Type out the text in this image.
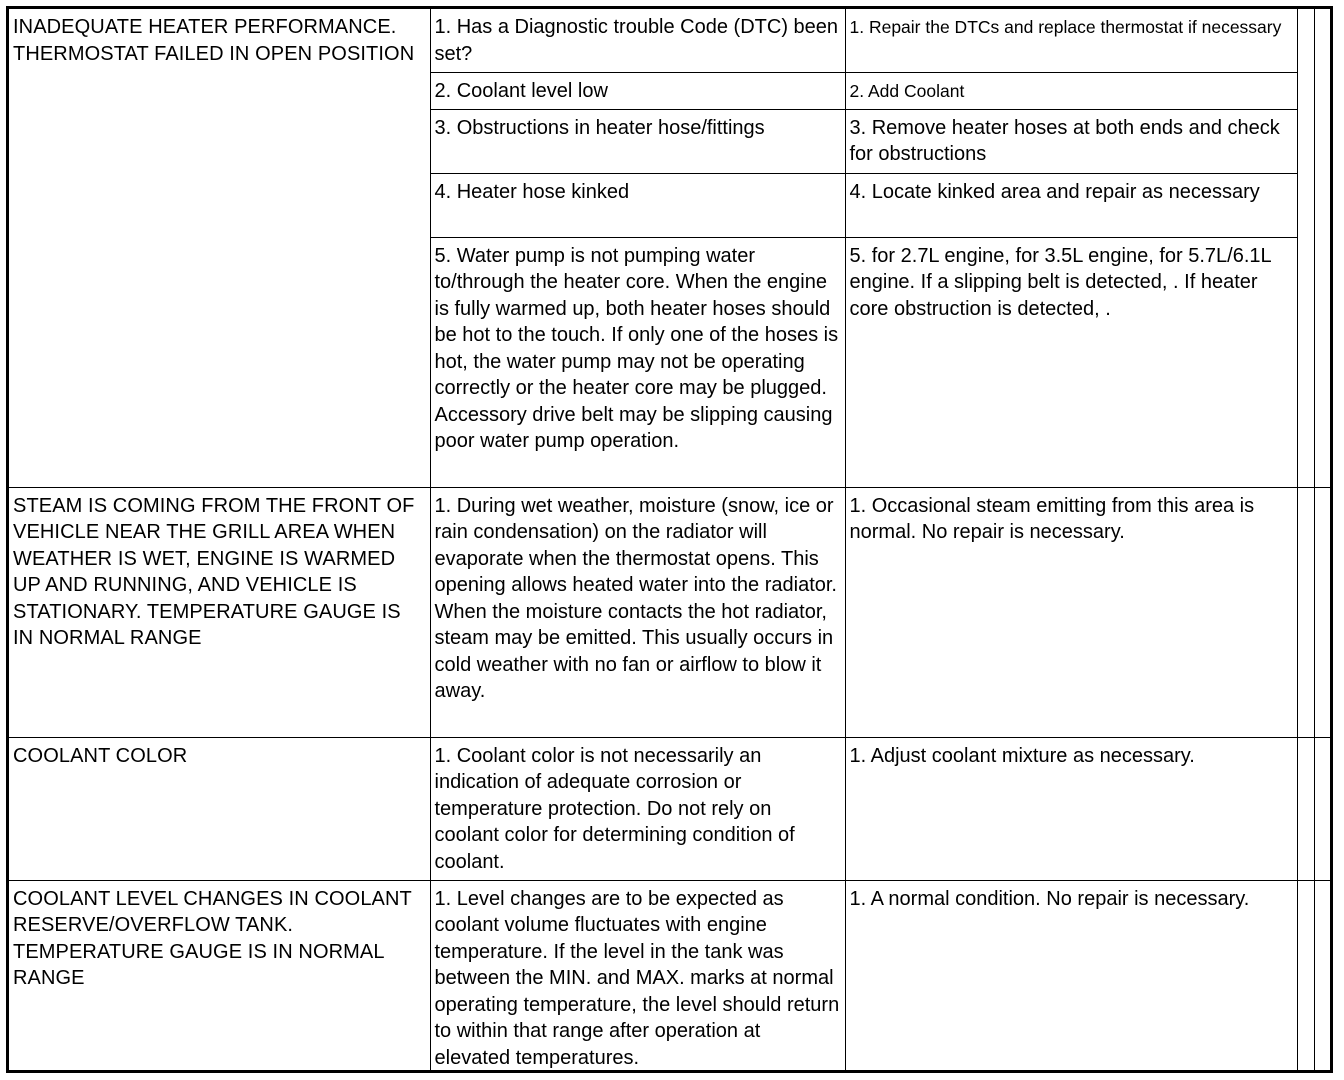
INADEQUATE HEATER PERFORMANCE. THERMOSTAT FAILED IN OPEN POSITION	1. Has a Diagnostic trouble Code (DTC) been set?	1. Repair the DTCs and replace thermostat if necessary		

	2. Coolant level low	2. Add Coolant		

	3. Obstructions in heater hose/fittings	3. Remove heater hoses at both ends and check for obstructions		

	4. Heater hose kinked	4. Locate kinked area and repair as necessary		

	5. Water pump is not pumping water to/through the heater core. When the engine is fully warmed up, both heater hoses should be hot to the touch. If only one of the hoses is hot, the water pump may not be operating correctly or the heater core may be plugged. Accessory drive belt may be slipping causing poor water pump operation.	5. for 2.7L engine, for 3.5L engine, for 5.7L/6.1L engine. If a slipping belt is detected, . If heater core obstruction is detected, .		

STEAM IS COMING FROM THE FRONT OF VEHICLE NEAR THE GRILL AREA WHEN WEATHER IS WET, ENGINE IS WARMED UP AND RUNNING, AND VEHICLE IS STATIONARY. TEMPERATURE GAUGE IS IN NORMAL RANGE	1. During wet weather, moisture (snow, ice or rain condensation) on the radiator will evaporate when the thermostat opens. This opening allows heated water into the radiator. When the moisture contacts the hot radiator, steam may be emitted. This usually occurs in cold weather with no fan or airflow to blow it away.	1. Occasional steam emitting from this area is normal. No repair is necessary.		

COOLANT COLOR	1. Coolant color is not necessarily an indication of adequate corrosion or temperature protection. Do not rely on coolant color for determining condition of coolant.	1. Adjust coolant mixture as necessary.		

COOLANT LEVEL CHANGES IN COOLANT RESERVE/OVERFLOW TANK. TEMPERATURE GAUGE IS IN NORMAL RANGE	1. Level changes are to be expected as coolant volume fluctuates with engine temperature. If the level in the tank was between the MIN. and MAX. marks at normal operating temperature, the level should return to within that range after operation at elevated temperatures.	1. A normal condition. No repair is necessary.		
